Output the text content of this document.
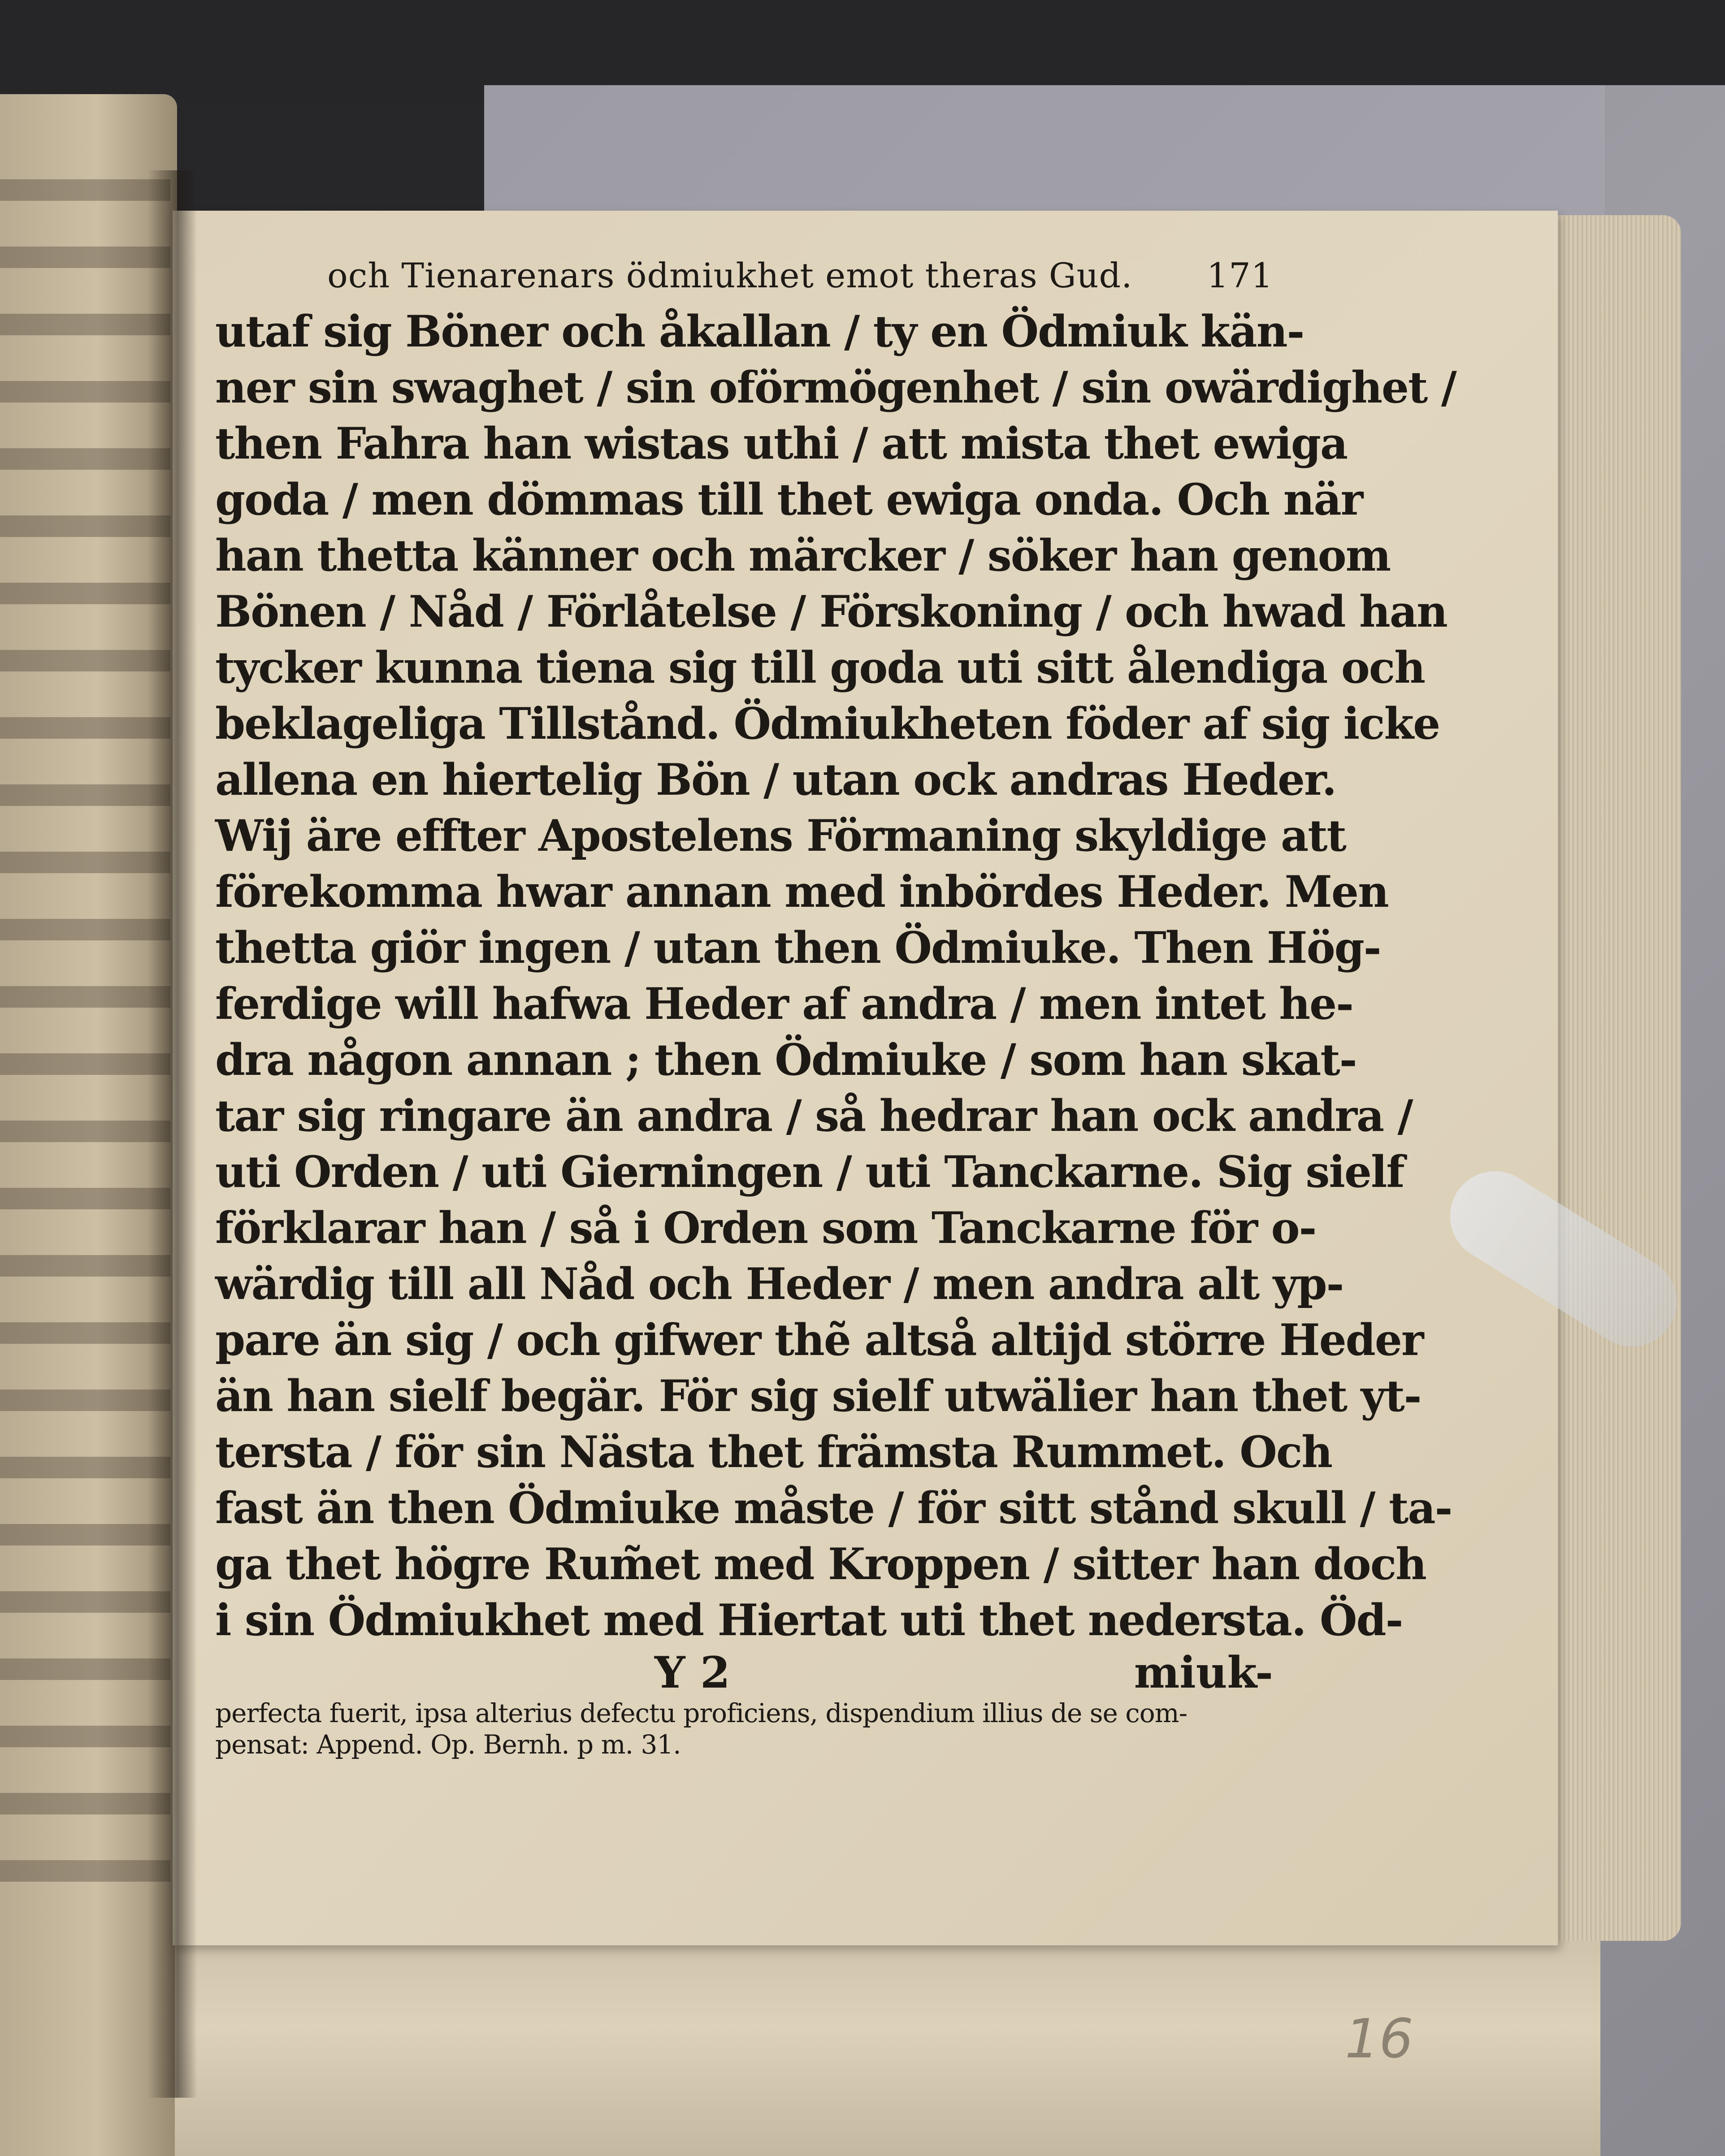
och Tienarenars ödmiukhet emot theras Gud. 171
utaf sig Böner och åkallan / ty en Ödmiuk kän-
ner sin swaghet / sin oförmögenhet / sin owärdighet /
then Fahra han wistas uthi / att mista thet ewiga
goda / men dömmas till thet ewiga onda. Och när
han thetta känner och märcker / söker han genom
Bönen / Nåd / Förlåtelse / Förskoning / och hwad han
tycker kunna tiena sig till goda uti sitt ålendiga och
beklageliga Tillstånd. Ödmiukheten föder af sig icke
allena en hiertelig Bön / utan ock andras Heder.
Wij äre effter Apostelens Förmaning skyldige att
förekomma hwar annan med inbördes Heder. Men
thetta giör ingen / utan then Ödmiuke. Then Hög-
ferdige will hafwa Heder af andra / men intet he-
dra någon annan ; then Ödmiuke / som han skat-
tar sig ringare än andra / så hedrar han ock andra /
uti Orden / uti Gierningen / uti Tanckarne. Sig sielf
förklarar han / så i Orden som Tanckarne för o-
wärdig till all Nåd och Heder / men andra alt yp-
pare än sig / och gifwer thẽ altså altijd större Heder
än han sielf begär. För sig sielf utwälier han thet yt-
tersta / för sin Nästa thet främsta Rummet. Och
fast än then Ödmiuke måste / för sitt stånd skull / ta-
ga thet högre Rum̃et med Kroppen / sitter han doch
i sin Ödmiukhet med Hiertat uti thet nedersta. Öd-
Y 2	miuk-
perfecta fuerit, ipsa alterius defectu proficiens, dispendium illius de se com-
pensat: Append. Op. Bernh. p m. 31.
16
